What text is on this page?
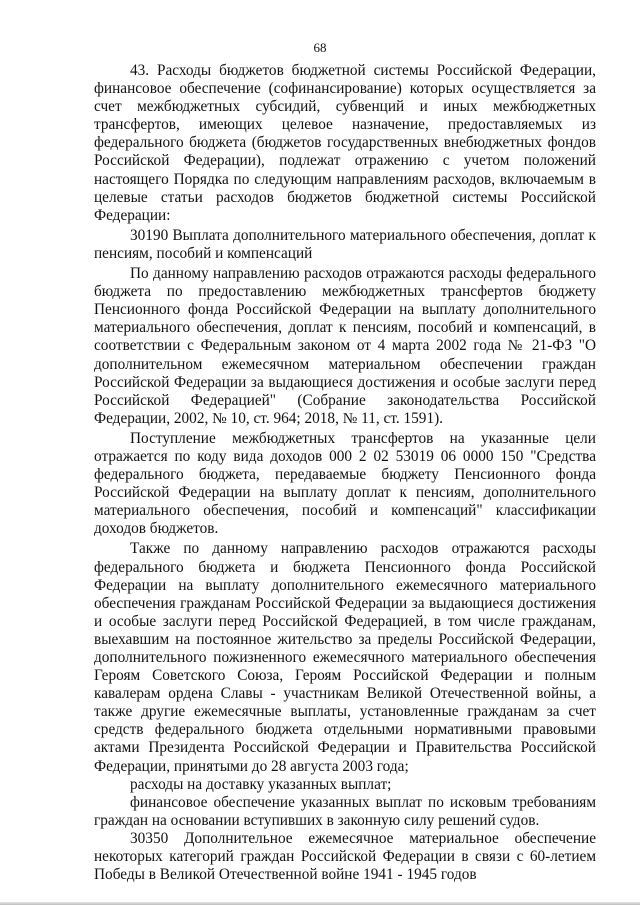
68

43. Расходы бюджетов бюджетной системы Российской Федерации, финансовое обеспечение (софинансирование) которых осуществляется за счет межбюджетных субсидий, субвенций и иных межбюджетных трансфертов, имеющих целевое назначение, предоставляемых из федерального бюджета (бюджетов государственных внебюджетных фондов Российской Федерации), подлежат отражению с учетом положений настоящего Порядка по следующим направлениям расходов, включаемым в целевые статьи расходов бюджетов бюджетной системы Российской Федерации:

30190 Выплата дополнительного материального обеспечения, доплат к пенсиям, пособий и компенсаций

По данному направлению расходов отражаются расходы федерального бюджета по предоставлению межбюджетных трансфертов бюджету Пенсионного фонда Российской Федерации на выплату дополнительного материального обеспечения, доплат к пенсиям, пособий и компенсаций, в соответствии с Федеральным законом от 4 марта 2002 года № 21-ФЗ "О дополнительном ежемесячном материальном обеспечении граждан Российской Федерации за выдающиеся достижения и особые заслуги перед Российской Федерацией" (Собрание законодательства Российской Федерации, 2002, № 10, ст. 964; 2018, № 11, ст. 1591).

Поступление межбюджетных трансфертов на указанные цели отражается по коду вида доходов 000 2 02 53019 06 0000 150 "Средства федерального бюджета, передаваемые бюджету Пенсионного фонда Российской Федерации на выплату доплат к пенсиям, дополнительного материального обеспечения, пособий и компенсаций" классификации доходов бюджетов.

Также по данному направлению расходов отражаются расходы федерального бюджета и бюджета Пенсионного фонда Российской Федерации на выплату дополнительного ежемесячного материального обеспечения гражданам Российской Федерации за выдающиеся достижения и особые заслуги перед Российской Федерацией, в том числе гражданам, выехавшим на постоянное жительство за пределы Российской Федерации, дополнительного пожизненного ежемесячного материального обеспечения Героям Советского Союза, Героям Российской Федерации и полным кавалерам ордена Славы - участникам Великой Отечественной войны, а также другие ежемесячные выплаты, установленные гражданам за счет средств федерального бюджета отдельными нормативными правовыми актами Президента Российской Федерации и Правительства Российской Федерации, принятыми до 28 августа 2003 года;

расходы на доставку указанных выплат;

финансовое обеспечение указанных выплат по исковым требованиям граждан на основании вступивших в законную силу решений судов.

30350 Дополнительное ежемесячное материальное обеспечение некоторых категорий граждан Российской Федерации в связи с 60-летием Победы в Великой Отечественной войне 1941 - 1945 годов
